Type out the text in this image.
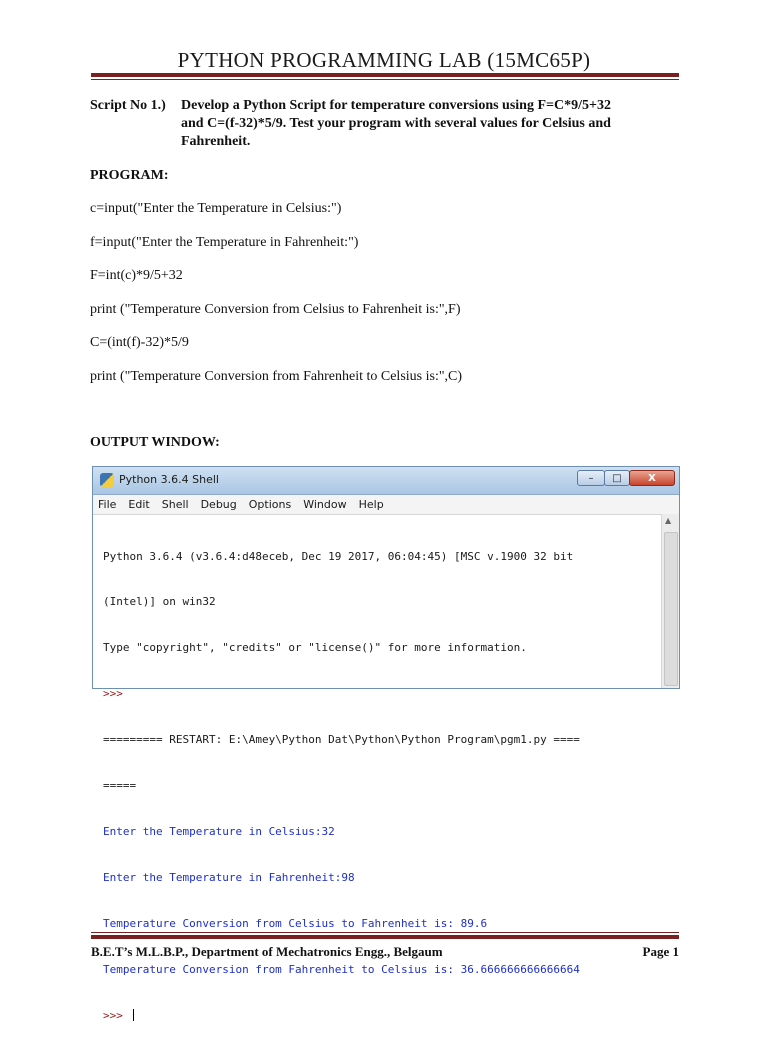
PYTHON PROGRAMMING LAB (15MC65P)
Script No 1.) Develop a Python Script for temperature conversions using F=C*9/5+32
and C=(f-32)*5/9. Test your program with several values for Celsius and
Fahrenheit.
PROGRAM:
c=input("Enter the Temperature in Celsius:")
f=input("Enter the Temperature in Fahrenheit:")
F=int(c)*9/5+32
print ("Temperature Conversion from Celsius to Fahrenheit is:",F)
C=(int(f)-32)*5/9
print ("Temperature Conversion from Fahrenheit to Celsius is:",C)
OUTPUT WINDOW:
Python 3.6.4 Shell	–	□	X
File Edit Shell Debug Options Window Help

Python 3.6.4 (v3.6.4:d48eceb, Dec 19 2017, 06:04:45) [MSC v.1900 32 bit

(Intel)] on win32

Type "copyright", "credits" or "license()" for more information.

>>>

========= RESTART: E:\Amey\Python Dat\Python\Python Program\pgm1.py ====

=====

Enter the Temperature in Celsius:32

Enter the Temperature in Fahrenheit:98

Temperature Conversion from Celsius to Fahrenheit is: 89.6

Temperature Conversion from Fahrenheit to Celsius is: 36.666666666666664

>>>

▲
B.E.T’s M.L.B.P., Department of Mechatronics Engg., Belgaum	Page 1
